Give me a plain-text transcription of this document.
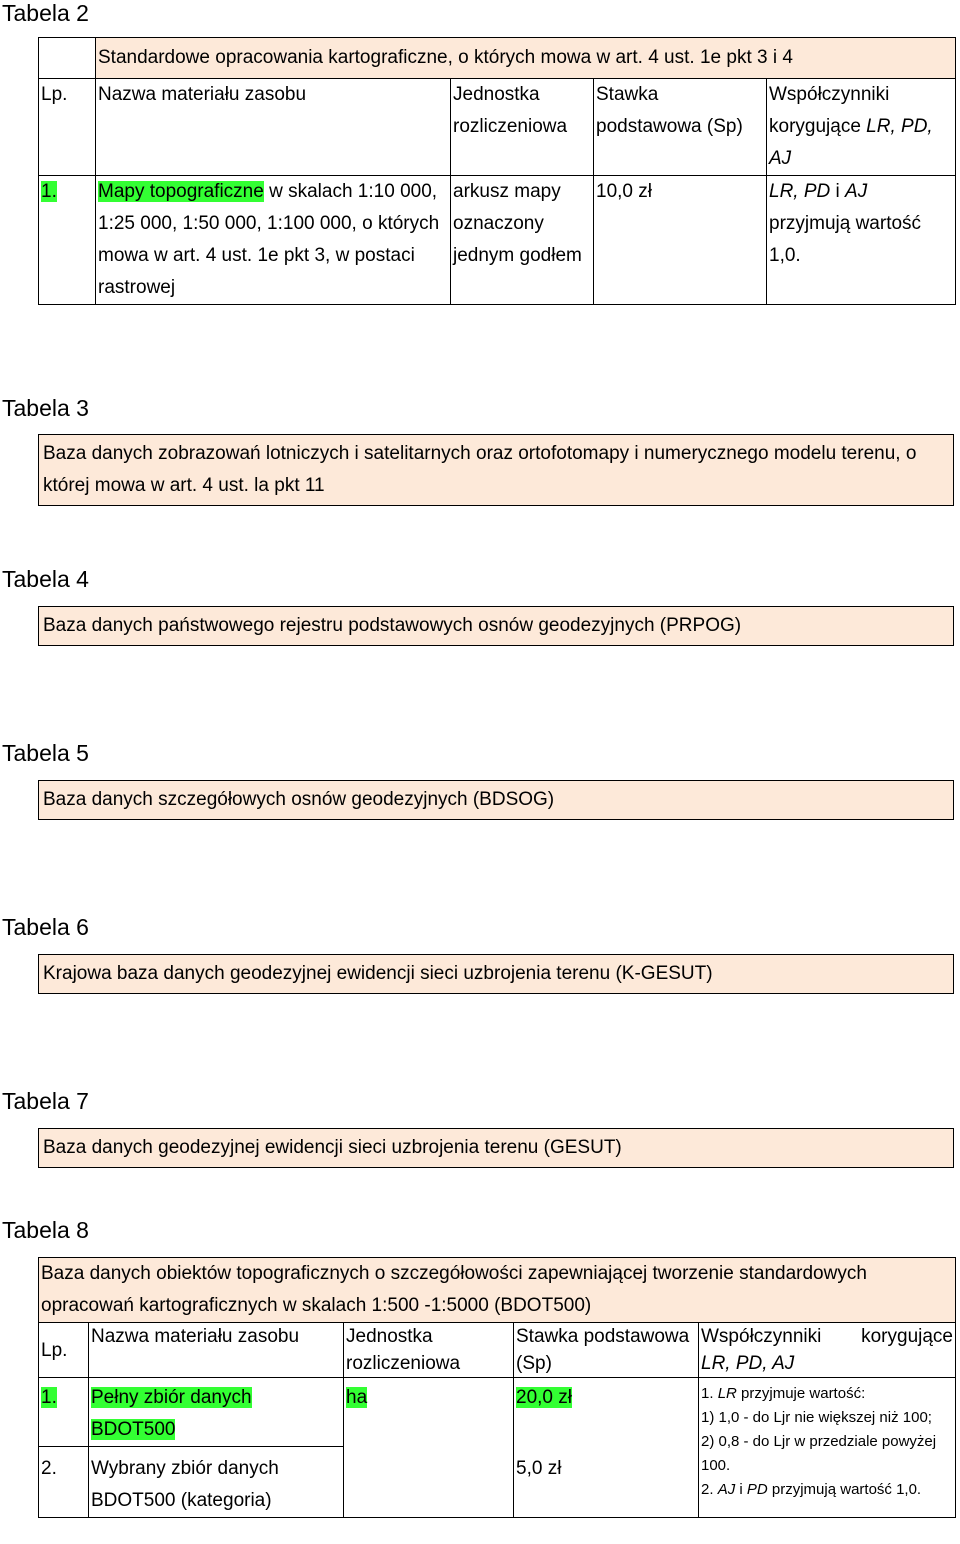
Tabela 2
	Standardowe opracowania kartograficzne, o których mowa w art. 4 ust. 1e pkt 3 i 4			
Lp.	Nazwa materiału zasobu	Jednostka rozliczeniowa	Stawka podstawowa (Sp)	Współczynniki korygujące LR, PD, AJ
1.	Mapy topograficzne w skalach 1:10 000, 1:25 000, 1:50 000, 1:100 000, o których mowa w art. 4 ust. 1e pkt 3, w postaci rastrowej	arkusz mapy oznaczony jednym godłem	10,0 zł	LR, PD i AJ przyjmują wartość 1,0.
Tabela 3
Baza danych zobrazowań lotniczych i satelitarnych oraz ortofotomapy i numerycznego modelu terenu, o której mowa w art. 4 ust. la pkt 11
Tabela 4
Baza danych państwowego rejestru podstawowych osnów geodezyjnych (PRPOG)
Tabela 5
Baza danych szczegółowych osnów geodezyjnych (BDSOG)
Tabela 6
Krajowa baza danych geodezyjnej ewidencji sieci uzbrojenia terenu (K-GESUT)
Tabela 7
Baza danych geodezyjnej ewidencji sieci uzbrojenia terenu (GESUT)
Tabela 8
Baza danych obiektów topograficznych o szczegółowości zapewniającej tworzenie standardowych opracowań kartograficznych w skalach 1:500 -1:5000 (BDOT500)				
Lp.	Nazwa materiału zasobu	Jednostka rozliczeniowa	Stawka podstawowa (Sp)	Współczynniki korygujące
LR, PD, AJ
1.	Pełny zbiór danych BDOT500	ha	20,0 zł	1. LR przyjmuje wartość:
1) 1,0 - do Ljr nie większej niż 100;
2) 0,8 - do Ljr w przedziale powyżej 100.
2. AJ i PD przyjmują wartość 1,0.

2.	Wybrany zbiór danych BDOT500 (kategoria)		5,0 zł	
